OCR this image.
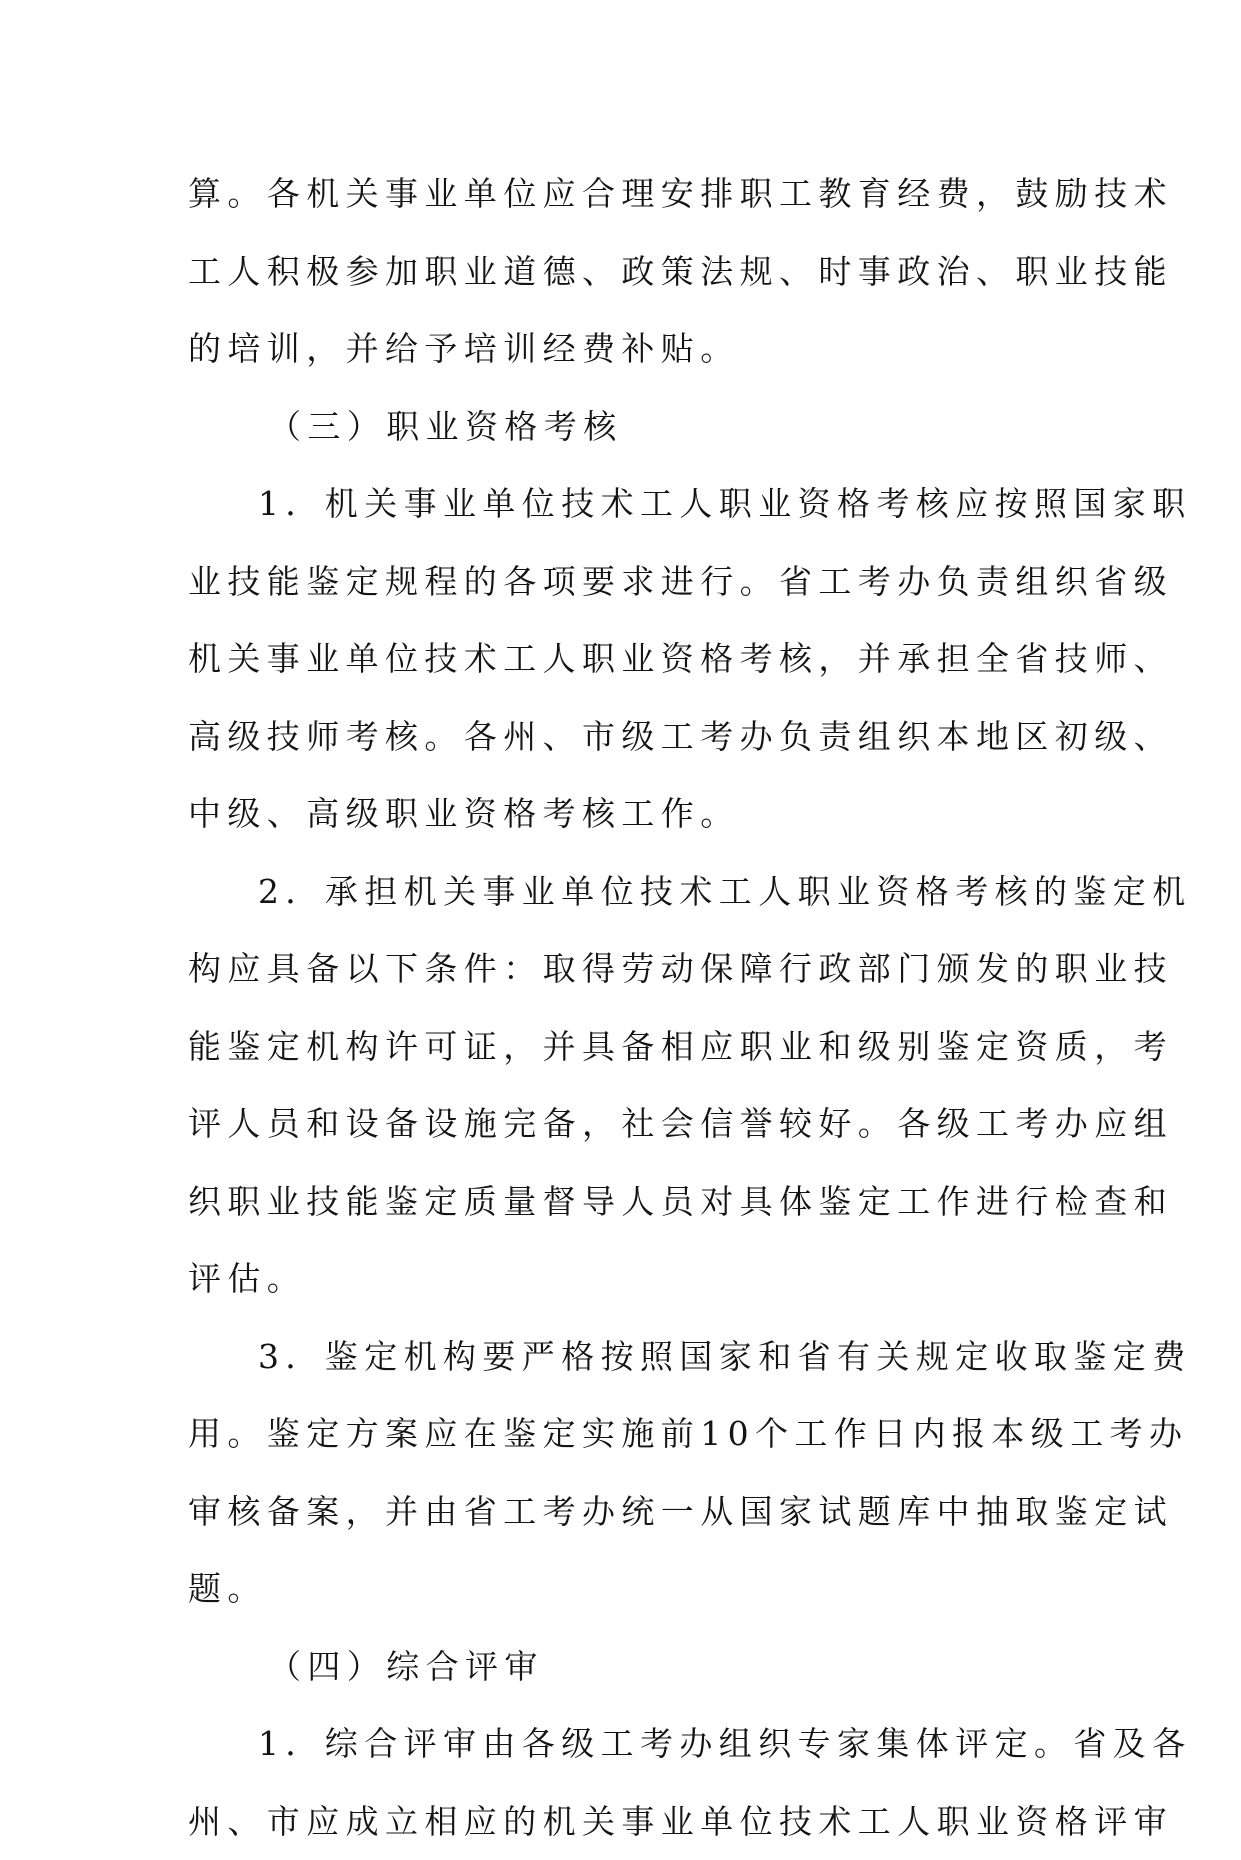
算。各机关事业单位应合理安排职工教育经费，鼓励技术
工人积极参加职业道德、政策法规、时事政治、职业技能
的培训，并给予培训经费补贴。
（三）职业资格考核
1．机关事业单位技术工人职业资格考核应按照国家职
业技能鉴定规程的各项要求进行。省工考办负责组织省级
机关事业单位技术工人职业资格考核，并承担全省技师、
高级技师考核。各州、市级工考办负责组织本地区初级、
中级、高级职业资格考核工作。
2．承担机关事业单位技术工人职业资格考核的鉴定机
构应具备以下条件：取得劳动保障行政部门颁发的职业技
能鉴定机构许可证，并具备相应职业和级别鉴定资质，考
评人员和设备设施完备，社会信誉较好。各级工考办应组
织职业技能鉴定质量督导人员对具体鉴定工作进行检查和
评估。
3．鉴定机构要严格按照国家和省有关规定收取鉴定费
用。鉴定方案应在鉴定实施前10个工作日内报本级工考办
审核备案，并由省工考办统一从国家试题库中抽取鉴定试
题。
（四）综合评审
1．综合评审由各级工考办组织专家集体评定。省及各
州、市应成立相应的机关事业单位技术工人职业资格评审
